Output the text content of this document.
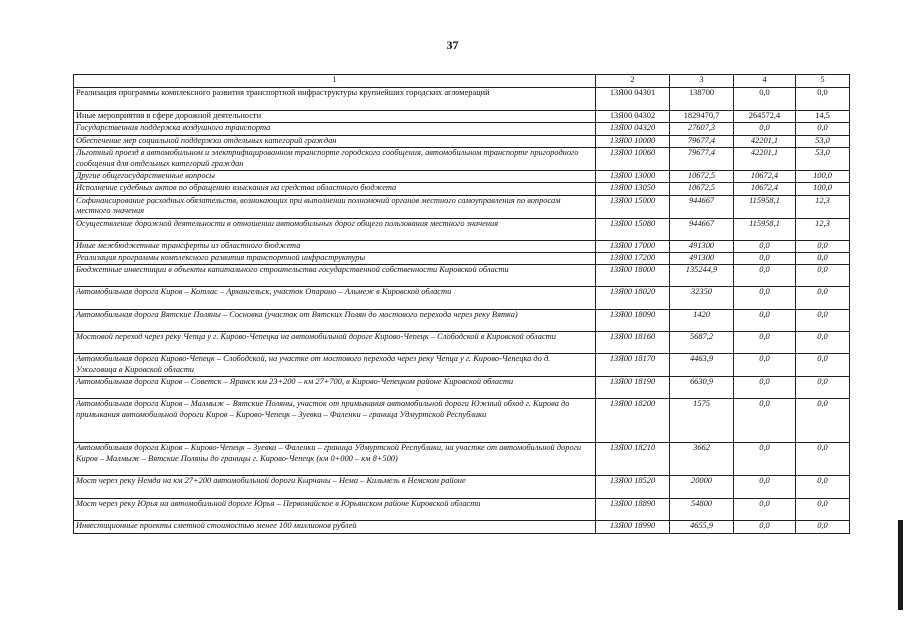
37
1	2	3	4	5
Реализация программы комплексного развития транспортной инфраструктуры крупнейших городских агломераций	13Я00 04301	138700	0,0	0,0
Иные мероприятия в сфере дорожной деятельности	13Я00 04302	1829470,7	264572,4	14,5
Государственная поддержка воздушного транспорта	13Я00 04320	27607,3	0,0	0,0
Обеспечение мер социальной поддержки отдельных категорий граждан	13Я00 10000	79677,4	42201,1	53,0
Льготный проезд в автомобильном и электрифицированном транспорте городского сообщения, автомобильном транспорте пригородного сообщения для отдельных категорий граждан	13Я00 10060	79677,4	42201,1	53,0
Другие общегосударственные вопросы	13Я00 13000	10672,5	10672,4	100,0
Исполнение судебных актов по обращению взыскания на средства областного бюджета	13Я00 13050	10672,5	10672,4	100,0
Софинансирование расходных обязательств, возникающих при выполнении полномочий органов местного самоуправления по вопросам местного значения	13Я00 15000	944667	115958,1	12,3
Осуществление дорожной деятельности в отношении автомобильных дорог общего пользования местного значения	13Я00 15080	944667	115958,1	12,3
Иные межбюджетные трансферты из областного бюджета	13Я00 17000	491300	0,0	0,0
Реализация программы комплексного развития транспортной инфраструктуры	13Я00 17200	491300	0,0	0,0
Бюджетные инвестиции в объекты капитального строительства государственной собственности Кировской области	13Я00 18000	135244,9	0,0	0,0
Автомобильная дорога Киров – Котлас – Архангельск, участок Опарино – Альмеж в Кировской области	13Я00 18020	32350	0,0	0,0
Автомобильная дорога Вятские Поляны – Сосновка (участок от Вятских Полян до мостового перехода через реку Вятка)	13Я00 18090	1420	0,0	0,0
Мостовой переход через реку Чепца у г. Кирово-Чепецка на автомобильной дороге Кирово-Чепецк – Слободской в Кировской области	13Я00 18160	5687,2	0,0	0,0
Автомобильная дорога Кирово-Чепецк – Слободской, на участке от мостового перехода через реку Чепца у г. Кирово-Чепецка до д. Ужоговица в Кировской области	13Я00 18170	4463,9	0,0	0,0
Автомобильная дорога Киров – Советск – Яранск км 23+200 – км 27+700, в Кирово-Чепецком районе Кировской области	13Я00 18190	6630,9	0,0	0,0
Автомобильная дорога Киров – Малмыж – Вятские Поляны, участок от примыкания автомобильной дороги Южный обход г. Кирова до примыкания автомобильной дороги Киров – Кирово-Чепецк – Зуевка – Фаленки – граница Удмуртской Республики	13Я00 18200	1575	0,0	0,0
Автомобильная дорога Киров – Кирово-Чепецк – Зуевка – Фаленки – граница Удмуртской Республики, на участке от автомобильной дороги Киров – Малмыж – Вятские Поляны до границы г. Кирово-Чепецк (км 0+000 – км 8+500)	13Я00 18210	3662	0,0	0,0
Мост через реку Немда на км 27+200 автомобильной дороги Кырчаны – Нема – Кильмезь в Немском районе	13Я00 18520	20000	0,0	0,0
Мост через реку Юрья на автомобильной дороге Юрья – Первомайское в Юрьянском районе Кировской области	13Я00 18890	54800	0,0	0,0
Инвестиционные проекты сметной стоимостью менее 100 миллионов рублей	13Я00 18990	4655,9	0,0	0,0
